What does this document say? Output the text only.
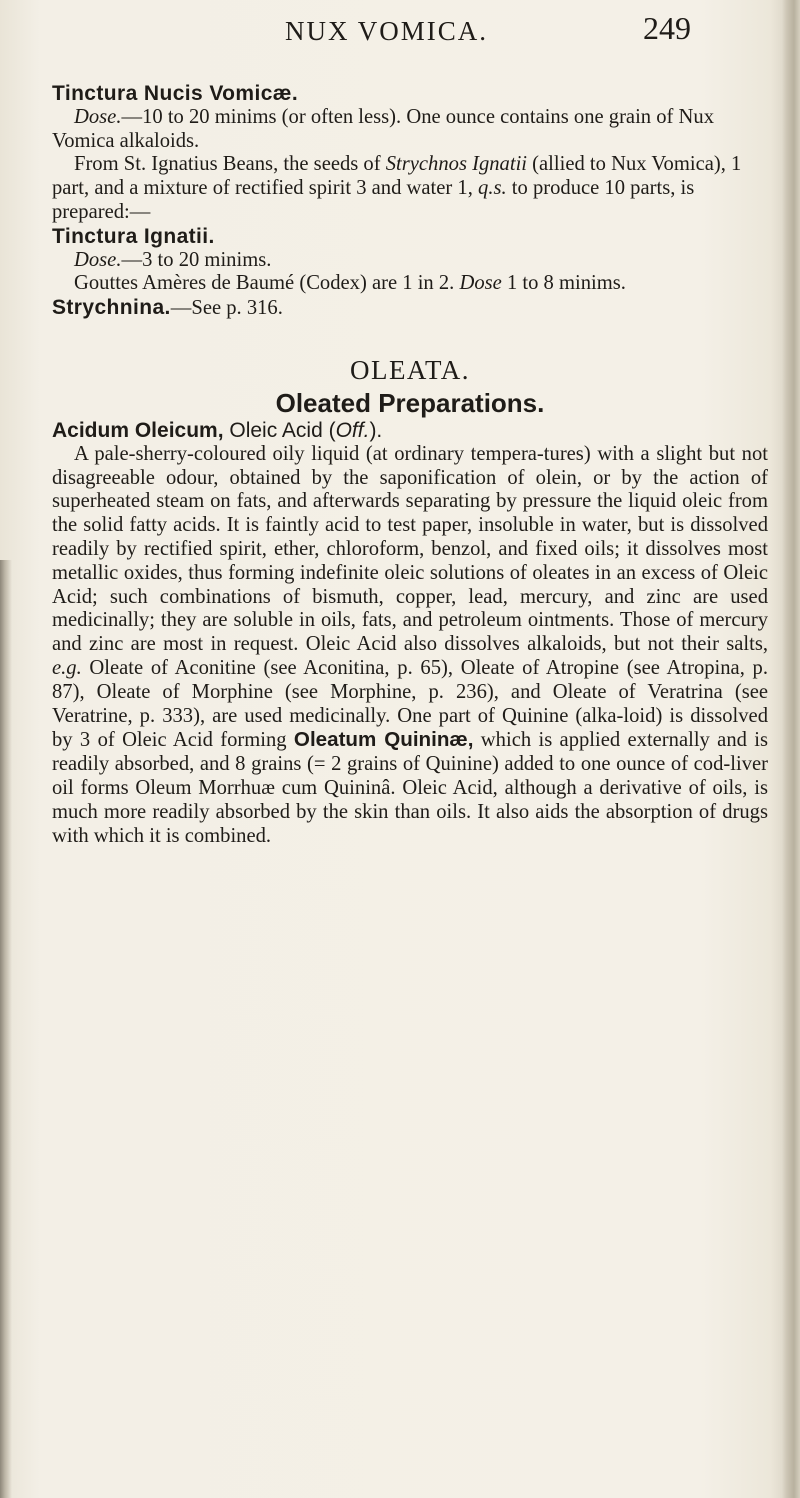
NUX VOMICA.	249

Tinctura Nucis Vomicæ.

Dose.—10 to 20 minims (or often less). One ounce contains one grain of Nux Vomica alkaloids.

From St. Ignatius Beans, the seeds of Strychnos Ignatii (allied to Nux Vomica), 1 part, and a mixture of rectified spirit 3 and water 1, q.s. to produce 10 parts, is prepared:—

Tinctura Ignatii.

Dose.—3 to 20 minims.

Gouttes Amères de Baumé (Codex) are 1 in 2. Dose 1 to 8 minims.

Strychnina.—See p. 316.

OLEATA.

Oleated Preparations.

Acidum Oleicum, Oleic Acid (Off.).

A pale-sherry-coloured oily liquid (at ordinary tempera-tures) with a slight but not disagreeable odour, obtained by the saponification of olein, or by the action of superheated steam on fats, and afterwards separating by pressure the liquid oleic from the solid fatty acids. It is faintly acid to test paper, insoluble in water, but is dissolved readily by rectified spirit, ether, chloroform, benzol, and fixed oils; it dissolves most metallic oxides, thus forming indefinite oleic solutions of oleates in an excess of Oleic Acid; such combinations of bismuth, copper, lead, mercury, and zinc are used medicinally; they are soluble in oils, fats, and petroleum ointments. Those of mercury and zinc are most in request. Oleic Acid also dissolves alkaloids, but not their salts, e.g. Oleate of Aconitine (see Aconitina, p. 65), Oleate of Atropine (see Atropina, p. 87), Oleate of Morphine (see Morphine, p. 236), and Oleate of Veratrina (see Veratrine, p. 333), are used medicinally. One part of Quinine (alka-loid) is dissolved by 3 of Oleic Acid forming Oleatum Quininæ, which is applied externally and is readily absorbed, and 8 grains (= 2 grains of Quinine) added to one ounce of cod-liver oil forms Oleum Morrhuæ cum Quininâ. Oleic Acid, although a derivative of oils, is much more readily absorbed by the skin than oils. It also aids the absorption of drugs with which it is combined.
